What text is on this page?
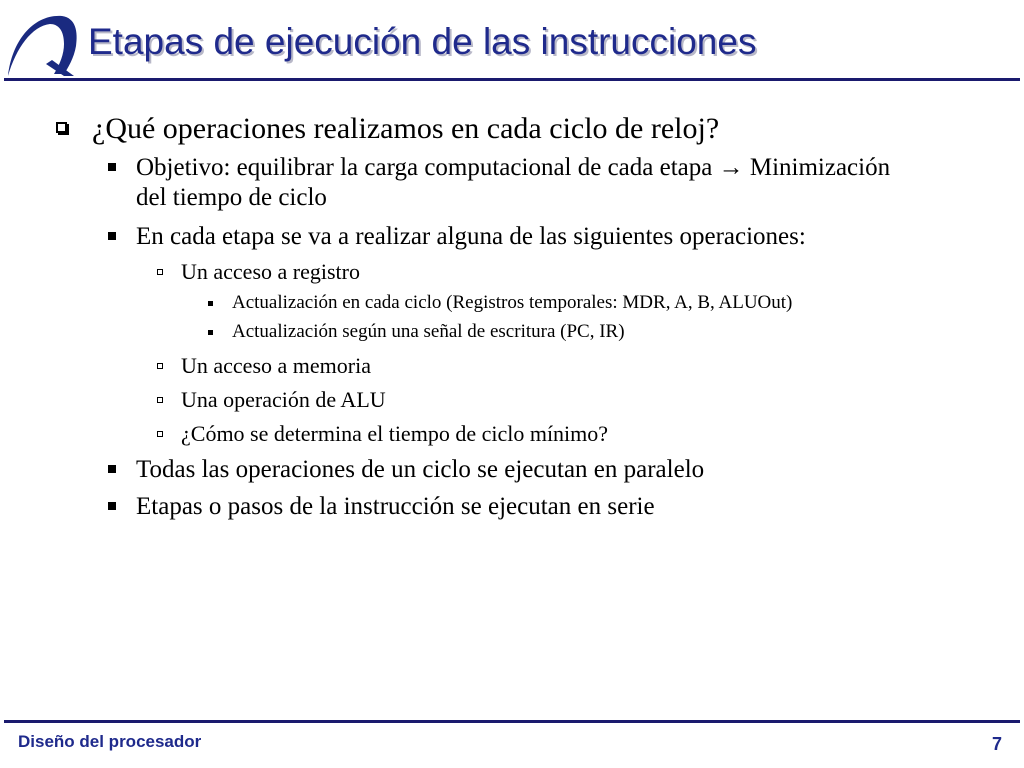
Etapas de ejecución de las instrucciones

¿Qué operaciones realizamos en cada ciclo de reloj?

Objetivo: equilibrar la carga computacional de cada etapa → Minimización
del tiempo de ciclo

En cada etapa se va a realizar alguna de las siguientes operaciones:

Un acceso a registro

Actualización en cada ciclo (Registros temporales: MDR, A, B, ALUOut)

Actualización según una señal de escritura (PC, IR)

Un acceso a memoria

Una operación de ALU

¿Cómo se determina el tiempo de ciclo mínimo?

Todas las operaciones de un ciclo se ejecutan en paralelo

Etapas o pasos de la instrucción se ejecutan en serie

Diseño del procesador	7
